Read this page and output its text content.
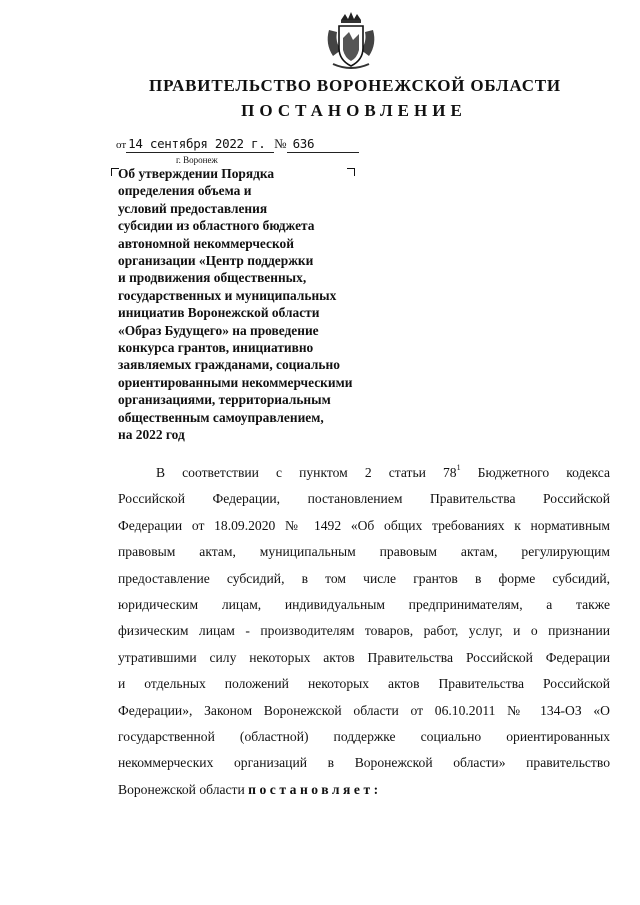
ПРАВИТЕЛЬСТВО ВОРОНЕЖСКОЙ ОБЛАСТИ
ПОСТАНОВЛЕНИЕ
от 14 сентября 2022 г. № 636
г. Воронеж
Об утверждении Порядка
определения объема и
условий предоставления
субсидии из областного бюджета
автономной некоммерческой
организации «Центр поддержки
и продвижения общественных,
государственных и муниципальных
инициатив Воронежской области
«Образ Будущего» на проведение
конкурса грантов, инициативно
заявляемых гражданами, социально
ориентированными некоммерческими
организациями, территориальным
общественным самоуправлением,
на 2022 год
В соответствии с пунктом 2 статьи $78^1$ Бюджетного кодекса
Российской Федерации, постановлением Правительства Российской
Федерации от 18.09.2020 № 1492 «Об общих требованиях к нормативным
правовым актам, муниципальным правовым актам, регулирующим
предоставление субсидий, в том числе грантов в форме субсидий,
юридическим лицам, индивидуальным предпринимателям, а также
физическим лицам - производителям товаров, работ, услуг, и о признании
утратившими силу некоторых актов Правительства Российской Федерации
и отдельных положений некоторых актов Правительства Российской
Федерации», Законом Воронежской области от 06.10.2011 № 134-ОЗ «О
государственной (областной) поддержке социально ориентированных
некоммерческих организаций в Воронежской области» правительство
Воронежской области постановляет:
